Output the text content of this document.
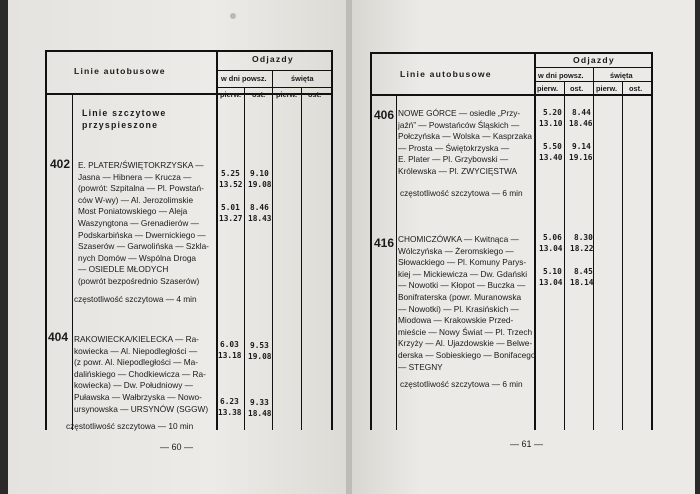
Linie autobusowe
Odjazdy
w dni powsz.	święta
pierw. ost. pierw. ost.
Linie szczytowe
przyspieszone
402 E. PLATER/ŚWIĘTOKRZYSKA —
Jasna — Hibnera — Krucza —
(powrót: Szpitalna — Pl. Powstań-
ców W-wy) — Al. Jerozolimskie
Most Poniatowskiego — Aleja
Waszyngtona — Grenadierów —
Podskarbińska — Dwernickiego —
Szaserów — Garwolińska — Szkla-
nych Domów — Wspólna Droga
— OSIEDLE MŁODYCH
(powrót bezpośrednio Szaserów)
5.25 9.10
13.52 19.08
5.01 8.46
13.27 18.43
częstotliwość szczytowa — 4 min
404 RAKOWIECKA/KIELECKA — Ra-
kowiecka — Al. Niepodległości —
(z powr. Al. Niepodległości — Ma-
dalińskiego — Chodkiewicza — Ra-
kowiecka) — Dw. Południowy —
Puławska — Wałbrzyska — Nowo-
ursynowska — URSYNÓW (SGGW)
6.03 9.53
13.18 19.08
6.23 9.33
13.38 18.48
częstotliwość szczytowa — 10 min
— 60 —
Linie autobusowe
Odjazdy
w dni powsz.	święta
pierw. ost. pierw. ost.
406 NOWE GÓRCE — osiedle „Przy-
jaźń” — Powstańców Śląskich —
Połczyńska — Wolska — Kasprzaka
— Prosta — Świętokrzyska —
E. Plater — Pl. Grzybowski —
Królewska — Pl. ZWYCIĘSTWA
5.20 8.44
13.10 18.46
5.50 9.14
13.40 19.16
częstotliwość szczytowa — 6 min
416 CHOMICZÓWKA — Kwitnąca —
Wólczyńska — Żeromskiego —
Słowackiego — Pl. Komuny Parys-
kiej — Mickiewicza — Dw. Gdański
— Nowotki — Kłopot — Buczka —
Bonifraterska (powr. Muranowska
— Nowotki) — Pl. Krasińskich —
Miodowa — Krakowskie Przed-
mieście — Nowy Świat — Pl. Trzech
Krzyży — Al. Ujazdowskie — Belwe-
derska — Sobieskiego — Bonifacego
— STEGNY
5.06 8.30
13.04 18.22
5.10 8.45
13.04 18.14
częstotliwość szczytowa — 6 min
— 61 —
